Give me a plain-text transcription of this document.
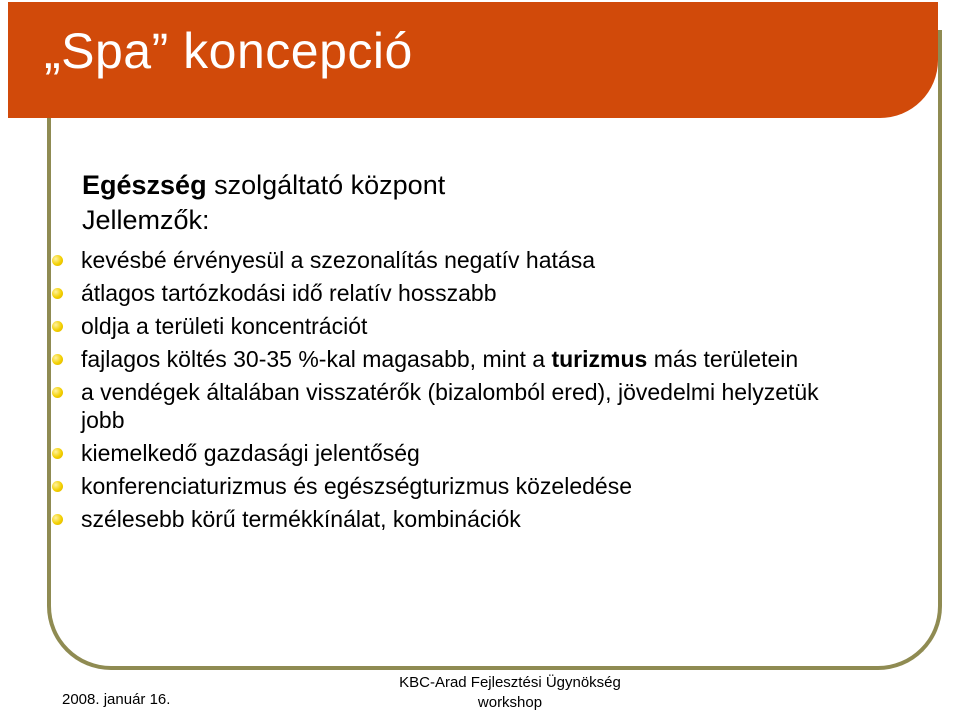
„Spa” koncepció
Egészség szolgáltató központ
Jellemzők:
kevésbé érvényesül a szezonalítás negatív hatása
átlagos tartózkodási idő relatív hosszabb
oldja a területi koncentrációt
fajlagos költés 30-35 %-kal magasabb, mint a turizmus más területein
a vendégek általában visszatérők (bizalomból ered), jövedelmi helyzetük jobb
kiemelkedő gazdasági jelentőség
konferenciaturizmus és egészségturizmus közeledése
szélesebb körű termékkínálat, kombinációk
2008. január 16.
KBC-Arad Fejlesztési Ügynökség
workshop
